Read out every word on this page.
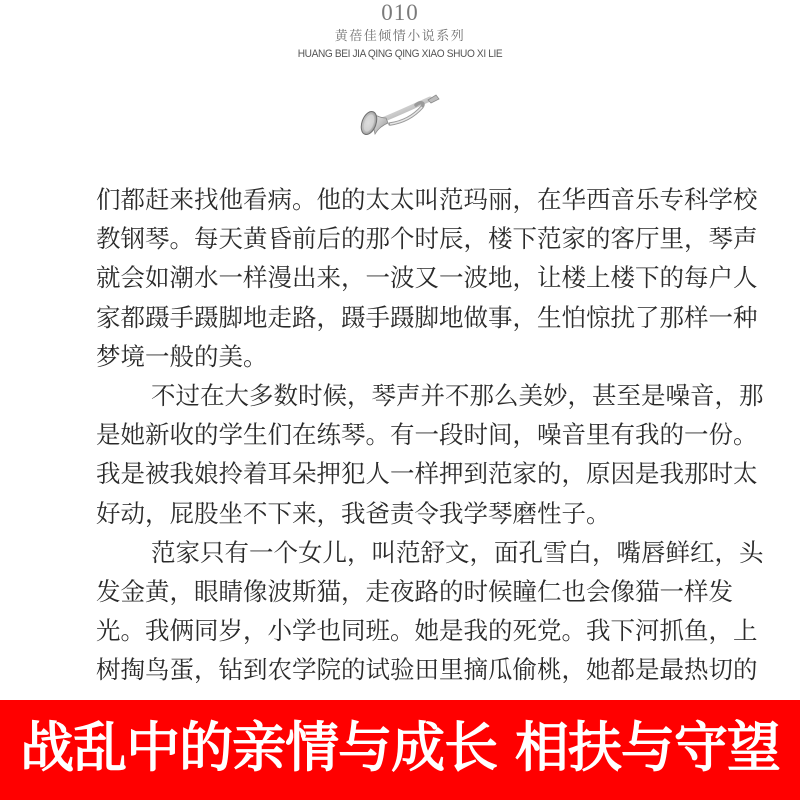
010
黄蓓佳倾情小说系列
HUANG BEI JIA QING QING XIAO SHUO XI LIE
们都赶来找他看病。他的太太叫范玛丽，在华西音乐专科学校
教钢琴。每天黄昏前后的那个时辰，楼下范家的客厅里，琴声
就会如潮水一样漫出来，一波又一波地，让楼上楼下的每户人
家都蹑手蹑脚地走路，蹑手蹑脚地做事，生怕惊扰了那样一种
梦境一般的美。
不过在大多数时候，琴声并不那么美妙，甚至是噪音，那
是她新收的学生们在练琴。有一段时间，噪音里有我的一份。
我是被我娘拎着耳朵押犯人一样押到范家的，原因是我那时太
好动，屁股坐不下来，我爸责令我学琴磨性子。
范家只有一个女儿，叫范舒文，面孔雪白，嘴唇鲜红，头
发金黄，眼睛像波斯猫，走夜路的时候瞳仁也会像猫一样发
光。我俩同岁，小学也同班。她是我的死党。我下河抓鱼，上
树掏鸟蛋，钻到农学院的试验田里摘瓜偷桃，她都是最热切的
战乱中的亲情与成长 相扶与守望
